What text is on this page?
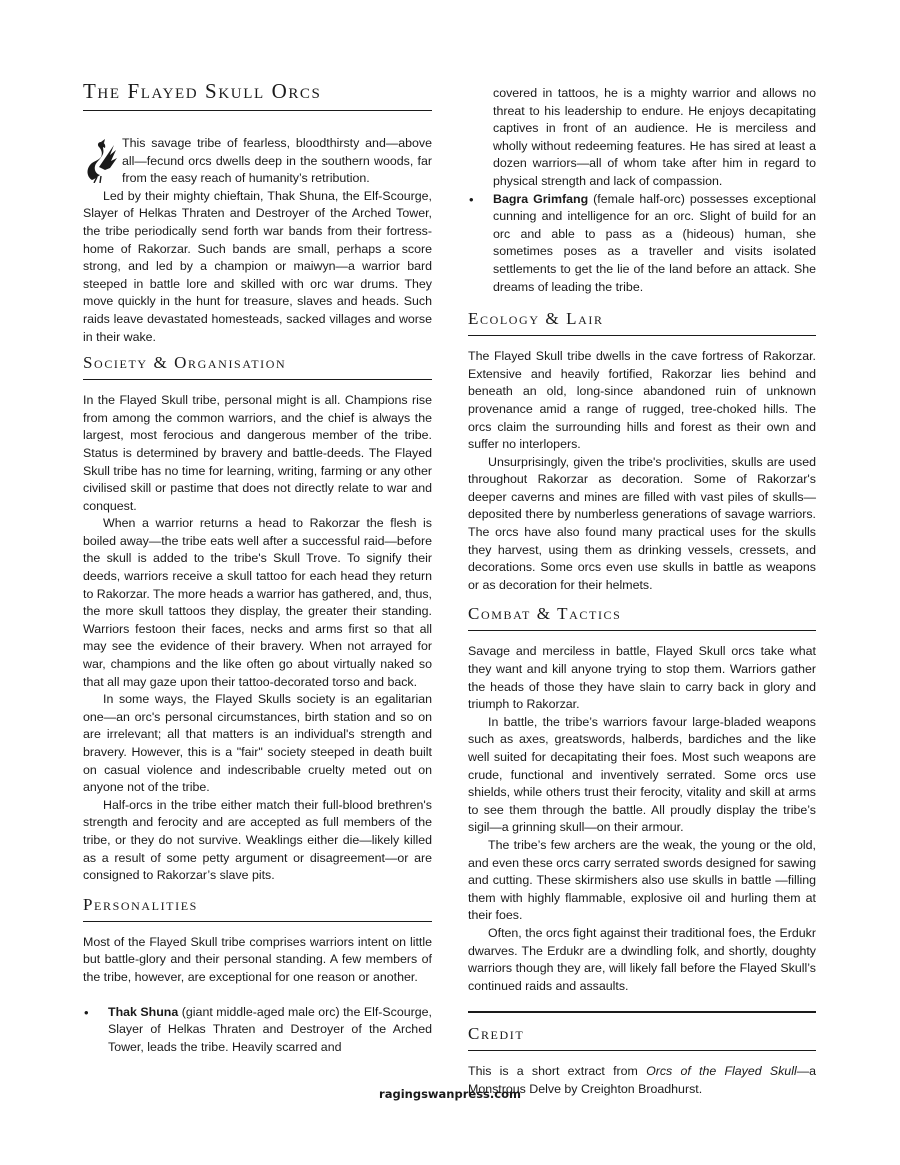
The Flayed Skull Orcs

This savage tribe of fearless, bloodthirsty and—above all—fecund orcs dwells deep in the southern woods, far from the easy reach of humanity’s retribution.

Led by their mighty chieftain, Thak Shuna, the Elf-Scourge, Slayer of Helkas Thraten and Destroyer of the Arched Tower, the tribe periodically send forth war bands from their fortress-home of Rakorzar. Such bands are small, perhaps a score strong, and led by a champion or maiwyn—a warrior bard steeped in battle lore and skilled with orc war drums. They move quickly in the hunt for treasure, slaves and heads. Such raids leave devastated homesteads, sacked villages and worse in their wake.

Society & Organisation

In the Flayed Skull tribe, personal might is all. Champions rise from among the common warriors, and the chief is always the largest, most ferocious and dangerous member of the tribe. Status is determined by bravery and battle-deeds. The Flayed Skull tribe has no time for learning, writing, farming or any other civilised skill or pastime that does not directly relate to war and conquest.

When a warrior returns a head to Rakorzar the flesh is boiled away—the tribe eats well after a successful raid—before the skull is added to the tribe's Skull Trove. To signify their deeds, warriors receive a skull tattoo for each head they return to Rakorzar. The more heads a warrior has gathered, and, thus, the more skull tattoos they display, the greater their standing. Warriors festoon their faces, necks and arms first so that all may see the evidence of their bravery. When not arrayed for war, champions and the like often go about virtually naked so that all may gaze upon their tattoo-decorated torso and back.

In some ways, the Flayed Skulls society is an egalitarian one—an orc's personal circumstances, birth station and so on are irrelevant; all that matters is an individual's strength and bravery. However, this is a "fair" society steeped in death built on casual violence and indescribable cruelty meted out on anyone not of the tribe.

Half-orcs in the tribe either match their full-blood brethren's strength and ferocity and are accepted as full members of the tribe, or they do not survive. Weaklings either die—likely killed as a result of some petty argument or disagreement—or are consigned to Rakorzar’s slave pits.

Personalities

Most of the Flayed Skull tribe comprises warriors intent on little but battle-glory and their personal standing. A few members of the tribe, however, are exceptional for one reason or another.

• Thak Shuna (giant middle-aged male orc) the Elf-Scourge, Slayer of Helkas Thraten and Destroyer of the Arched Tower, leads the tribe. Heavily scarred and

covered in tattoos, he is a mighty warrior and allows no threat to his leadership to endure. He enjoys decapitating captives in front of an audience. He is merciless and wholly without redeeming features. He has sired at least a dozen warriors—all of whom take after him in regard to physical strength and lack of compassion.

• Bagra Grimfang (female half-orc) possesses exceptional cunning and intelligence for an orc. Slight of build for an orc and able to pass as a (hideous) human, she sometimes poses as a traveller and visits isolated settlements to get the lie of the land before an attack. She dreams of leading the tribe.

Ecology & Lair

The Flayed Skull tribe dwells in the cave fortress of Rakorzar. Extensive and heavily fortified, Rakorzar lies behind and beneath an old, long-since abandoned ruin of unknown provenance amid a range of rugged, tree-choked hills. The orcs claim the surrounding hills and forest as their own and suffer no interlopers.

Unsurprisingly, given the tribe's proclivities, skulls are used throughout Rakorzar as decoration. Some of Rakorzar's deeper caverns and mines are filled with vast piles of skulls—deposited there by numberless generations of savage warriors. The orcs have also found many practical uses for the skulls they harvest, using them as drinking vessels, cressets, and decorations. Some orcs even use skulls in battle as weapons or as decoration for their helmets.

Combat & Tactics

Savage and merciless in battle, Flayed Skull orcs take what they want and kill anyone trying to stop them. Warriors gather the heads of those they have slain to carry back in glory and triumph to Rakorzar.

In battle, the tribe’s warriors favour large-bladed weapons such as axes, greatswords, halberds, bardiches and the like well suited for decapitating their foes. Most such weapons are crude, functional and inventively serrated. Some orcs use shields, while others trust their ferocity, vitality and skill at arms to see them through the battle. All proudly display the tribe’s sigil—a grinning skull—on their armour.

The tribe’s few archers are the weak, the young or the old, and even these orcs carry serrated swords designed for sawing and cutting. These skirmishers also use skulls in battle —filling them with highly flammable, explosive oil and hurling them at their foes.

Often, the orcs fight against their traditional foes, the Erdukr dwarves. The Erdukr are a dwindling folk, and shortly, doughty warriors though they are, will likely fall before the Flayed Skull’s continued raids and assaults.

Credit

This is a short extract from Orcs of the Flayed Skull—a Monstrous Delve by Creighton Broadhurst.

ragingswanpress.com
